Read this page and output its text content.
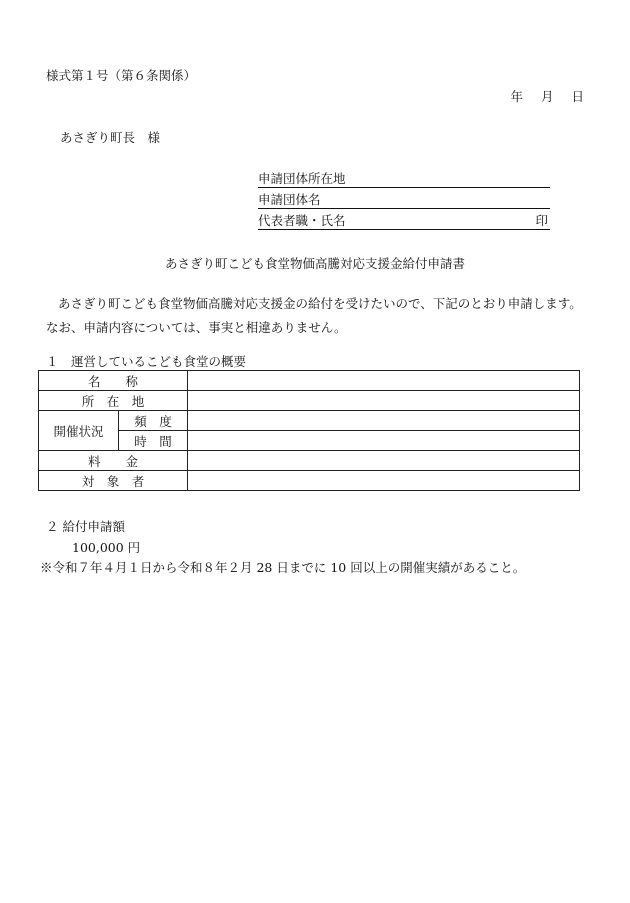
様式第１号（第６条関係）
年 月 日
あさぎり町長　様
申請団体所在地
申請団体名
代表者職・氏名	印
あさぎり町こども食堂物価高騰対応支援金給付申請書
あさぎり町こども食堂物価高騰対応支援金の給付を受けたいので、下記のとおり申請します。なお、申請内容については、事実と相違ありません。
１　運営しているこども食堂の概要
名　　称		
所　在　地		
開催状況	頻　度	
	時　間	
料　　金		
対　象　者		
２ 給付申請額
100,000 円
※令和７年４月１日から令和８年２月 28 日までに 10 回以上の開催実績があること。
